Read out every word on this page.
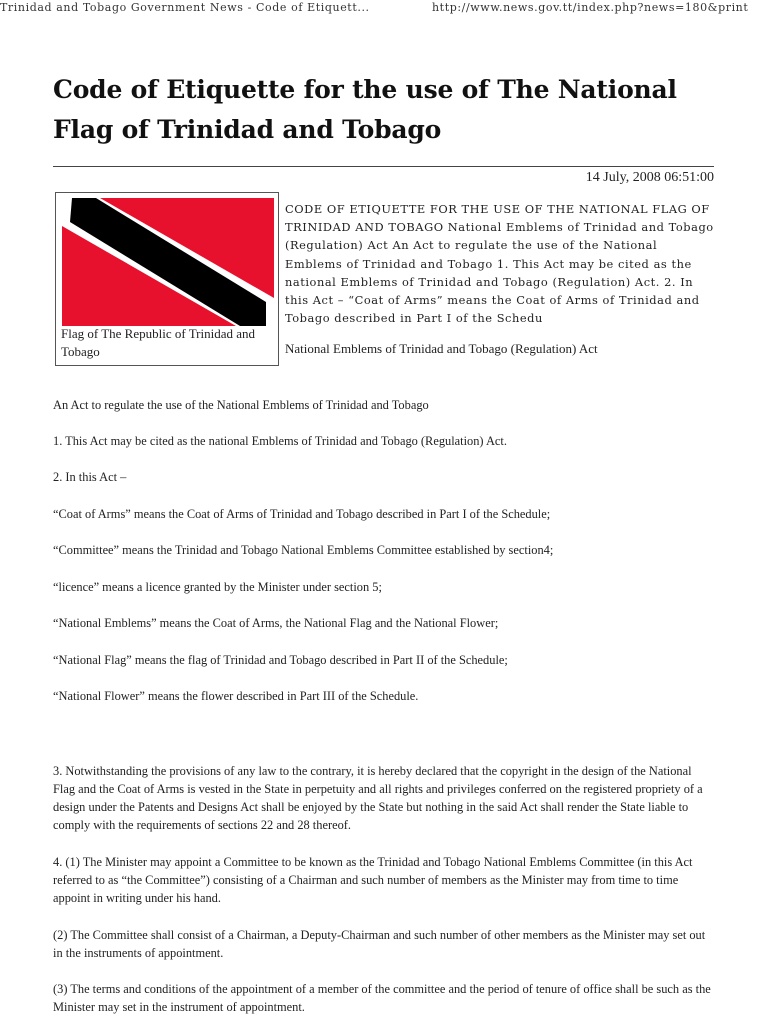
Trinidad and Tobago Government News - Code of Etiquett...	http://www.news.gov.tt/index.php?news=180&print
Code of Etiquette for the use of The National Flag of Trinidad and Tobago
14 July, 2008 06:51:00
Flag of The Republic of Trinidad and Tobago

CODE OF ETIQUETTE FOR THE USE OF THE NATIONAL FLAG OF TRINIDAD AND TOBAGO National Emblems of Trinidad and Tobago (Regulation) Act An Act to regulate the use of the National Emblems of Trinidad and Tobago 1. This Act may be cited as the national Emblems of Trinidad and Tobago (Regulation) Act. 2. In this Act – “Coat of Arms” means the Coat of Arms of Trinidad and Tobago described in Part I of the Schedu

National Emblems of Trinidad and Tobago (Regulation) Act

An Act to regulate the use of the National Emblems of Trinidad and Tobago

1. This Act may be cited as the national Emblems of Trinidad and Tobago (Regulation) Act.

2. In this Act –

“Coat of Arms” means the Coat of Arms of Trinidad and Tobago described in Part I of the Schedule;

“Committee” means the Trinidad and Tobago National Emblems Committee established by section4;

“licence” means a licence granted by the Minister under section 5;

“National Emblems” means the Coat of Arms, the National Flag and the National Flower;

“National Flag” means the flag of Trinidad and Tobago described in Part II of the Schedule;

“National Flower” means the flower described in Part III of the Schedule.

3. Notwithstanding the provisions of any law to the contrary, it is hereby declared that the copyright in the design of the National Flag and the Coat of Arms is vested in the State in perpetuity and all rights and privileges conferred on the registered propriety of a design under the Patents and Designs Act shall be enjoyed by the State but nothing in the said Act shall render the State liable to comply with the requirements of sections 22 and 28 thereof.

4. (1) The Minister may appoint a Committee to be known as the Trinidad and Tobago National Emblems Committee (in this Act referred to as “the Committee”) consisting of a Chairman and such number of members as the Minister may from time to time appoint in writing under his hand.

(2) The Committee shall consist of a Chairman, a Deputy-Chairman and such number of other members as the Minister may set out in the instruments of appointment.

(3) The terms and conditions of the appointment of a member of the committee and the period of tenure of office shall be such as the Minister may set in the instrument of appointment.
